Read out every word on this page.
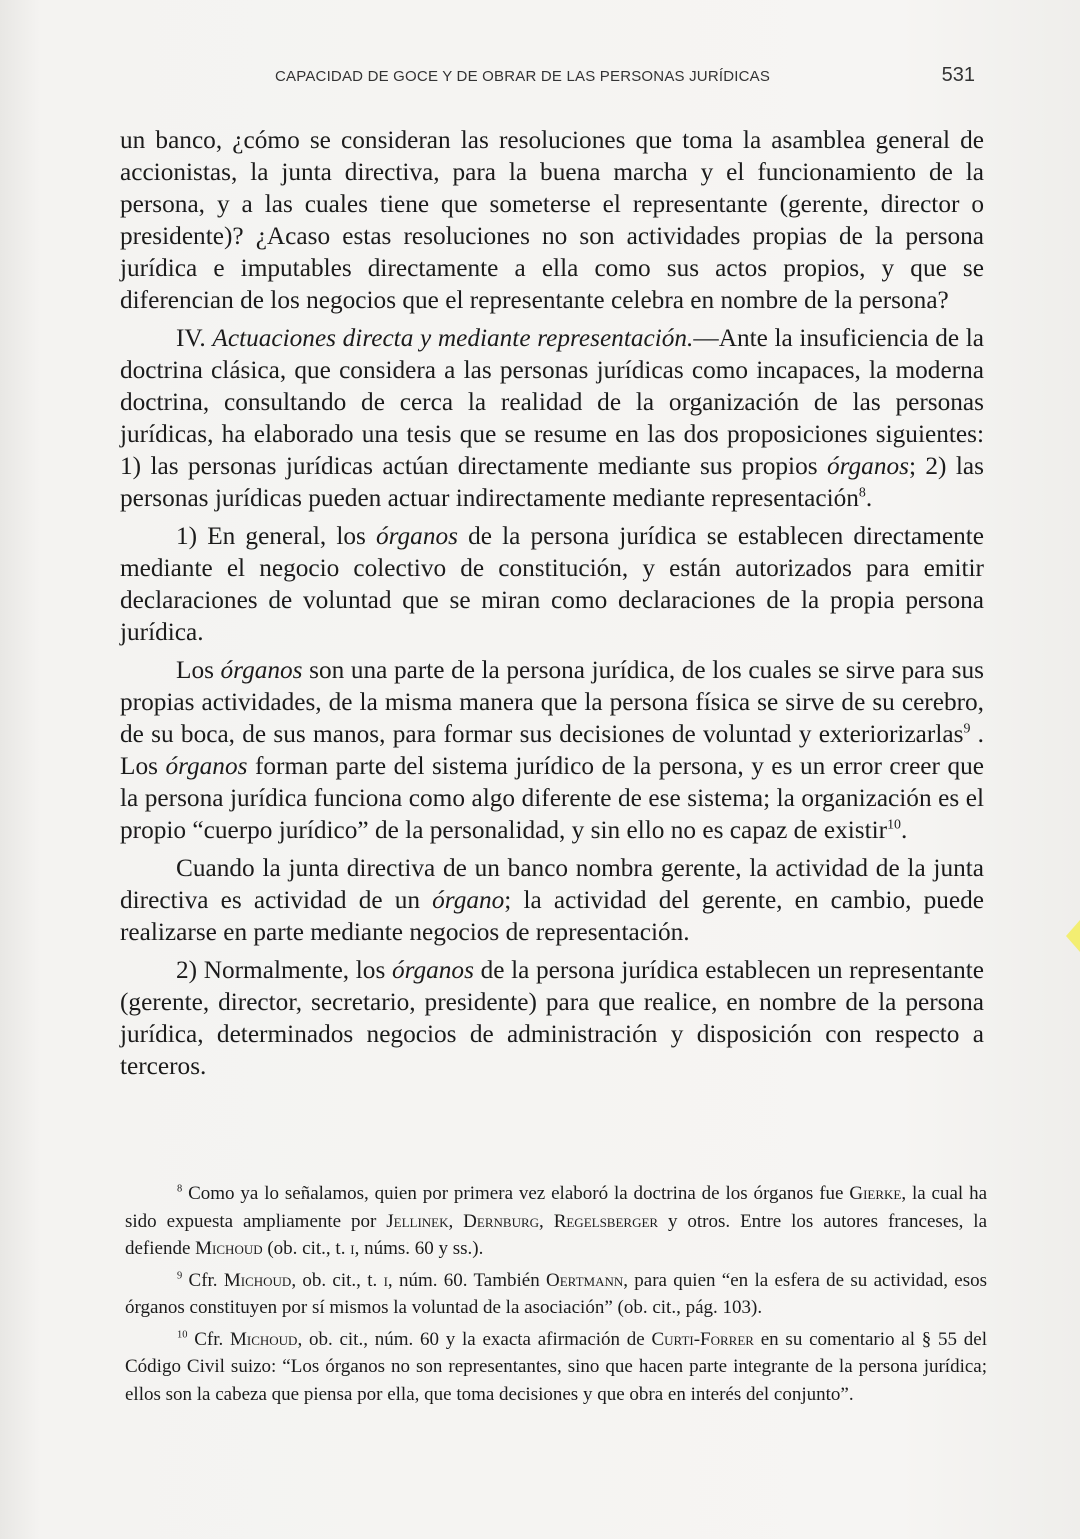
CAPACIDAD DE GOCE Y DE OBRAR DE LAS PERSONAS JURÍDICAS	531

un banco, ¿cómo se consideran las resoluciones que toma la asamblea general de accionistas, la junta directiva, para la buena marcha y el funcionamiento de la persona, y a las cuales tiene que someterse el representante (gerente, director o presidente)? ¿Acaso estas resoluciones no son actividades propias de la persona jurídica e imputables directamente a ella como sus actos propios, y que se diferencian de los negocios que el representante celebra en nombre de la persona?

IV. Actuaciones directa y mediante representación.—Ante la insuficiencia de la doctrina clásica, que considera a las personas jurídicas como incapaces, la moderna doctrina, consultando de cerca la realidad de la organización de las personas jurídicas, ha elaborado una tesis que se resume en las dos proposiciones siguientes: 1) las personas jurídicas actúan directamente mediante sus propios órganos; 2) las personas jurídicas pueden actuar indirectamente mediante representación$^8$.

1) En general, los órganos de la persona jurídica se establecen directamente mediante el negocio colectivo de constitución, y están autorizados para emitir declaraciones de voluntad que se miran como declaraciones de la propia persona jurídica.

Los órganos son una parte de la persona jurídica, de los cuales se sirve para sus propias actividades, de la misma manera que la persona física se sirve de su cerebro, de su boca, de sus manos, para formar sus decisiones de voluntad y exteriorizarlas$^9$ . Los órganos forman parte del sistema jurídico de la persona, y es un error creer que la persona jurídica funciona como algo diferente de ese sistema; la organización es el propio “cuerpo jurídico” de la personalidad, y sin ello no es capaz de existir$^{10}$.

Cuando la junta directiva de un banco nombra gerente, la actividad de la junta directiva es actividad de un órgano; la actividad del gerente, en cambio, puede realizarse en parte mediante negocios de representación.

2) Normalmente, los órganos de la persona jurídica establecen un representante (gerente, director, secretario, presidente) para que realice, en nombre de la persona jurídica, determinados negocios de administración y disposición con respecto a terceros.

$^8$ Como ya lo señalamos, quien por primera vez elaboró la doctrina de los órganos fue Gierke, la cual ha sido expuesta ampliamente por Jellinek, Dernburg, Regelsberger y otros. Entre los autores franceses, la defiende Michoud (ob. cit., t. i, núms. 60 y ss.).

$^9$ Cfr. Michoud, ob. cit., t. i, núm. 60. También Oertmann, para quien “en la esfera de su actividad, esos órganos constituyen por sí mismos la voluntad de la asociación” (ob. cit., pág. 103).

$^{10}$ Cfr. Michoud, ob. cit., núm. 60 y la exacta afirmación de Curti-Forrer en su comentario al § 55 del Código Civil suizo: “Los órganos no son representantes, sino que hacen parte integrante de la persona jurídica; ellos son la cabeza que piensa por ella, que toma decisiones y que obra en interés del conjunto”.
